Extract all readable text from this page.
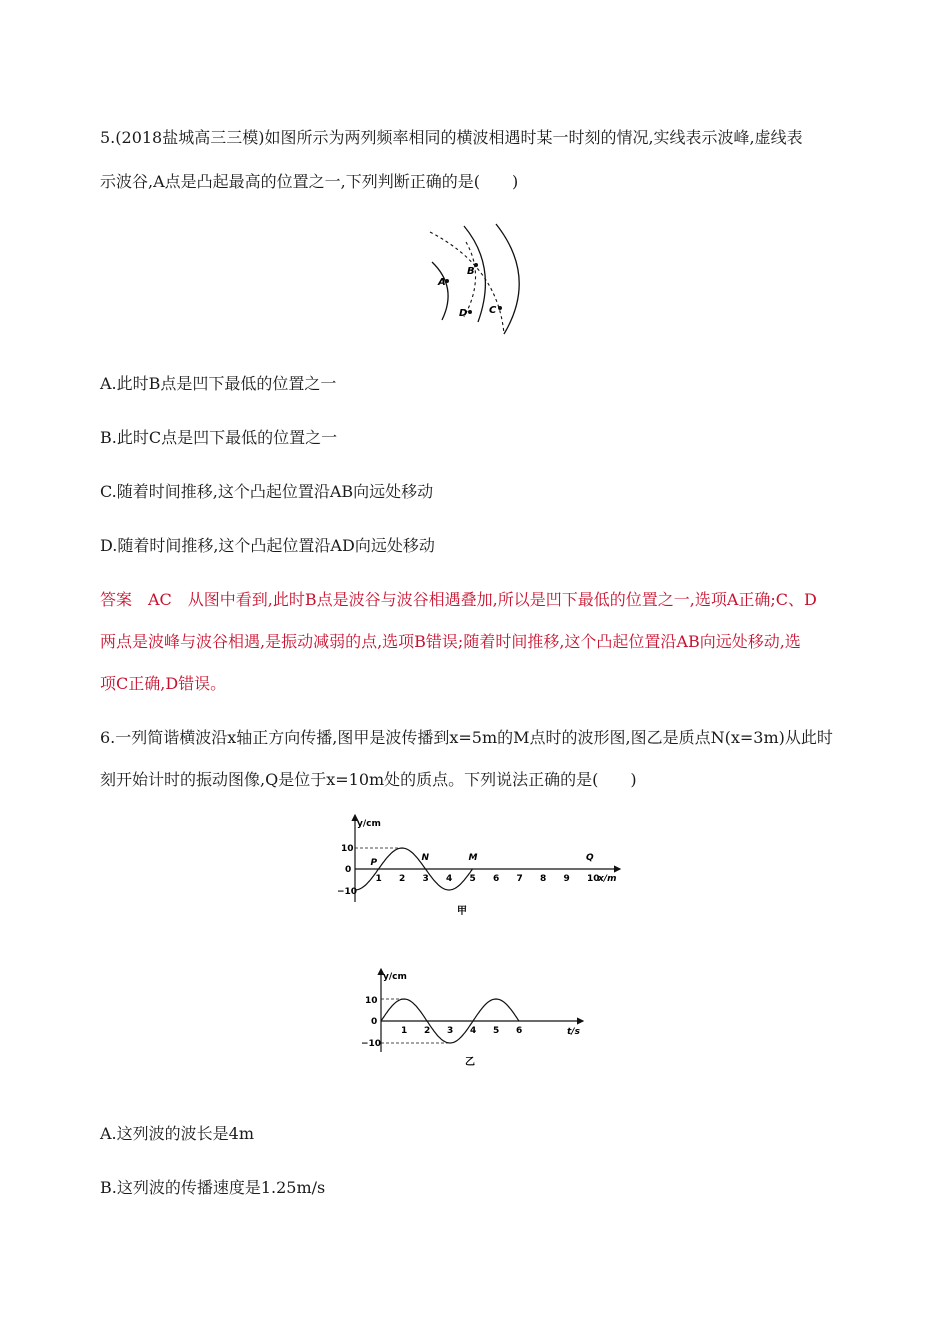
5.(2018盐城高三三模)如图所示为两列频率相同的横波相遇时某一时刻的情况,实线表示波峰,虚线表
示波谷,A点是凸起最高的位置之一,下列判断正确的是(　　)
A
B
C
D
A.此时B点是凹下最低的位置之一
B.此时C点是凹下最低的位置之一
C.随着时间推移,这个凸起位置沿AB向远处移动
D.随着时间推移,这个凸起位置沿AD向远处移动
答案　AC　从图中看到,此时B点是波谷与波谷相遇叠加,所以是凹下最低的位置之一,选项A正确;C、D
两点是波峰与波谷相遇,是振动减弱的点,选项B错误;随着时间推移,这个凸起位置沿AB向远处移动,选
项C正确,D错误。
6.一列简谐横波沿x轴正方向传播,图甲是波传播到x=5m的M点时的波形图,图乙是质点N(x=3m)从此时
刻开始计时的振动图像,Q是位于x=10m处的质点。下列说法正确的是(　　)
y/cm
x/m
10
0
−10
1 2 3 4 5 6 7 8 9 10
P	N	M	Q
甲
y/cm
t/s
10
0
−10
1 2 3 4 5 6
乙
A.这列波的波长是4m
B.这列波的传播速度是1.25m/s
